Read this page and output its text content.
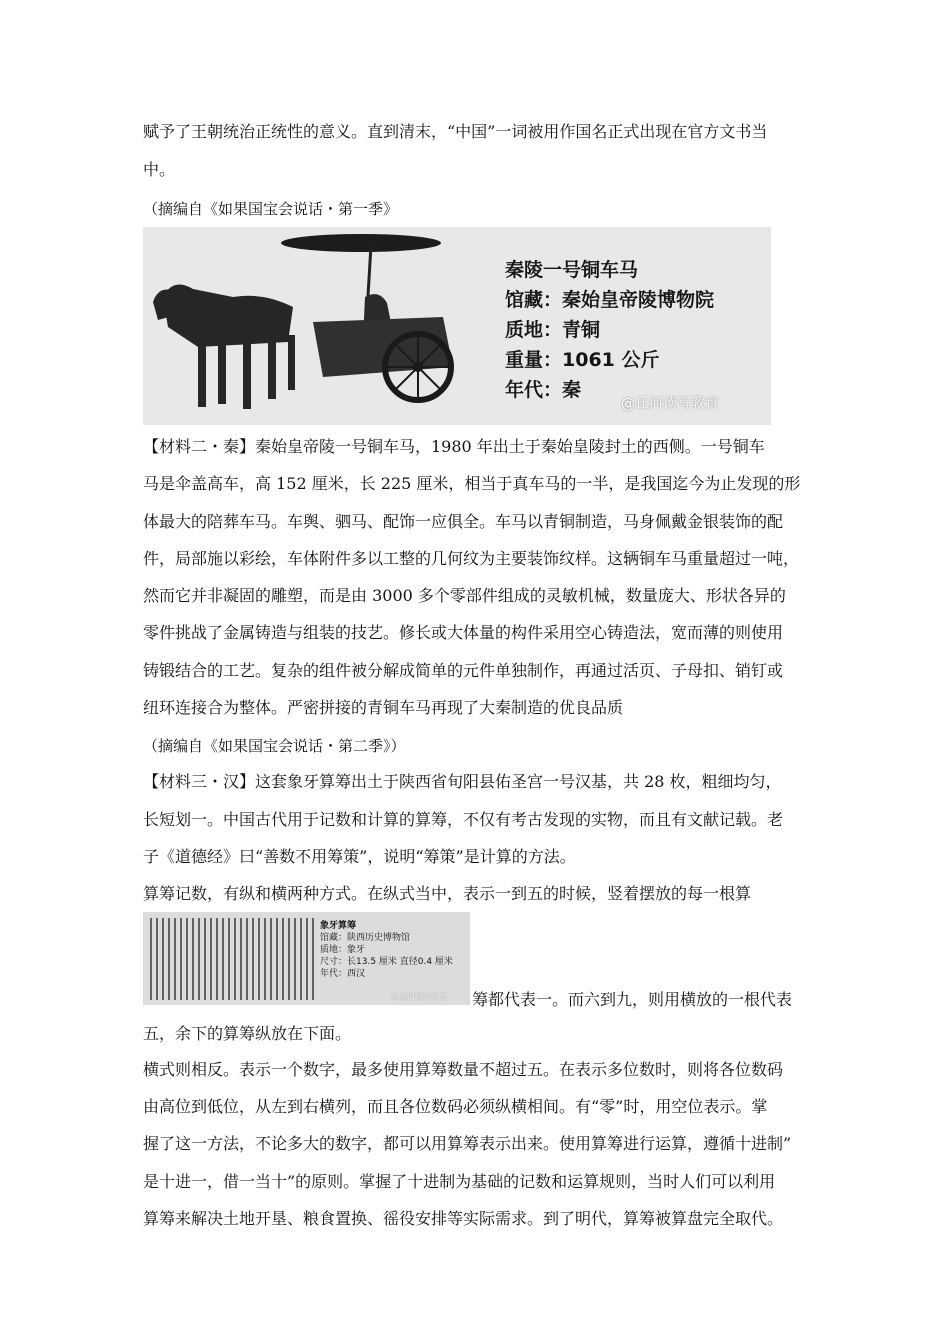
赋予了王朝统治正统性的意义。直到清末，“中国”一词被用作国名正式出现在官方文书当
中。
（摘编自《如果国宝会说话・第一季》
秦陵一号铜车马
馆藏：秦始皇帝陵博物院
质地：青铜
重量：1061 公斤
年代：秦
@丘河读写教育
【材料二・秦】秦始皇帝陵一号铜车马，1980 年出土于秦始皇陵封土的西侧。一号铜车
马是伞盖高车，高 152 厘米，长 225 厘米，相当于真车马的一半，是我国迄今为止发现的形
体最大的陪葬车马。车舆、驷马、配饰一应俱全。车马以青铜制造，马身佩戴金银装饰的配
件，局部施以彩绘，车体附件多以工整的几何纹为主要装饰纹样。这辆铜车马重量超过一吨，
然而它并非凝固的雕塑，而是由 3000 多个零部件组成的灵敏机械，数量庞大、形状各异的
零件挑战了金属铸造与组装的技艺。修长或大体量的构件采用空心铸造法，宽而薄的则使用
铸锻结合的工艺。复杂的组件被分解成简单的元件单独制作，再通过活页、子母扣、销钉或
纽环连接合为整体。严密拼接的青铜车马再现了大秦制造的优良品质
（摘编自《如果国宝会说话・第二季》）
【材料三・汉】这套象牙算筹出土于陕西省旬阳县佑圣宫一号汉基，共 28 枚，粗细均匀，
长短划一。中国古代用于记数和计算的算筹，不仅有考古发现的实物，而且有文献记载。老
子《道德经》曰“善数不用筹策”，说明“筹策”是计算的方法。
算筹记数，有纵和横两种方式。在纵式当中，表示一到五的时候，竖着摆放的每一根算
象牙算筹
馆藏：陕西历史博物馆
质地：象牙
尺寸：长13.5 厘米 直径0.4 厘米
年代：西汉
@丘河读写教育 筹都代表一。而六到九，则用横放的一根代表
五，余下的算筹纵放在下面。
横式则相反。表示一个数字，最多使用算筹数量不超过五。在表示多位数时，则将各位数码
由高位到低位，从左到右横列，而且各位数码必须纵横相间。有“零”时，用空位表示。掌
握了这一方法，不论多大的数字，都可以用算筹表示出来。使用算筹进行运算，遵循十进制”
是十进一，借一当十”的原则。掌握了十进制为基础的记数和运算规则，当时人们可以利用
算筹来解决土地开垦、粮食置换、徭役安排等实际需求。到了明代，算筹被算盘完全取代。
